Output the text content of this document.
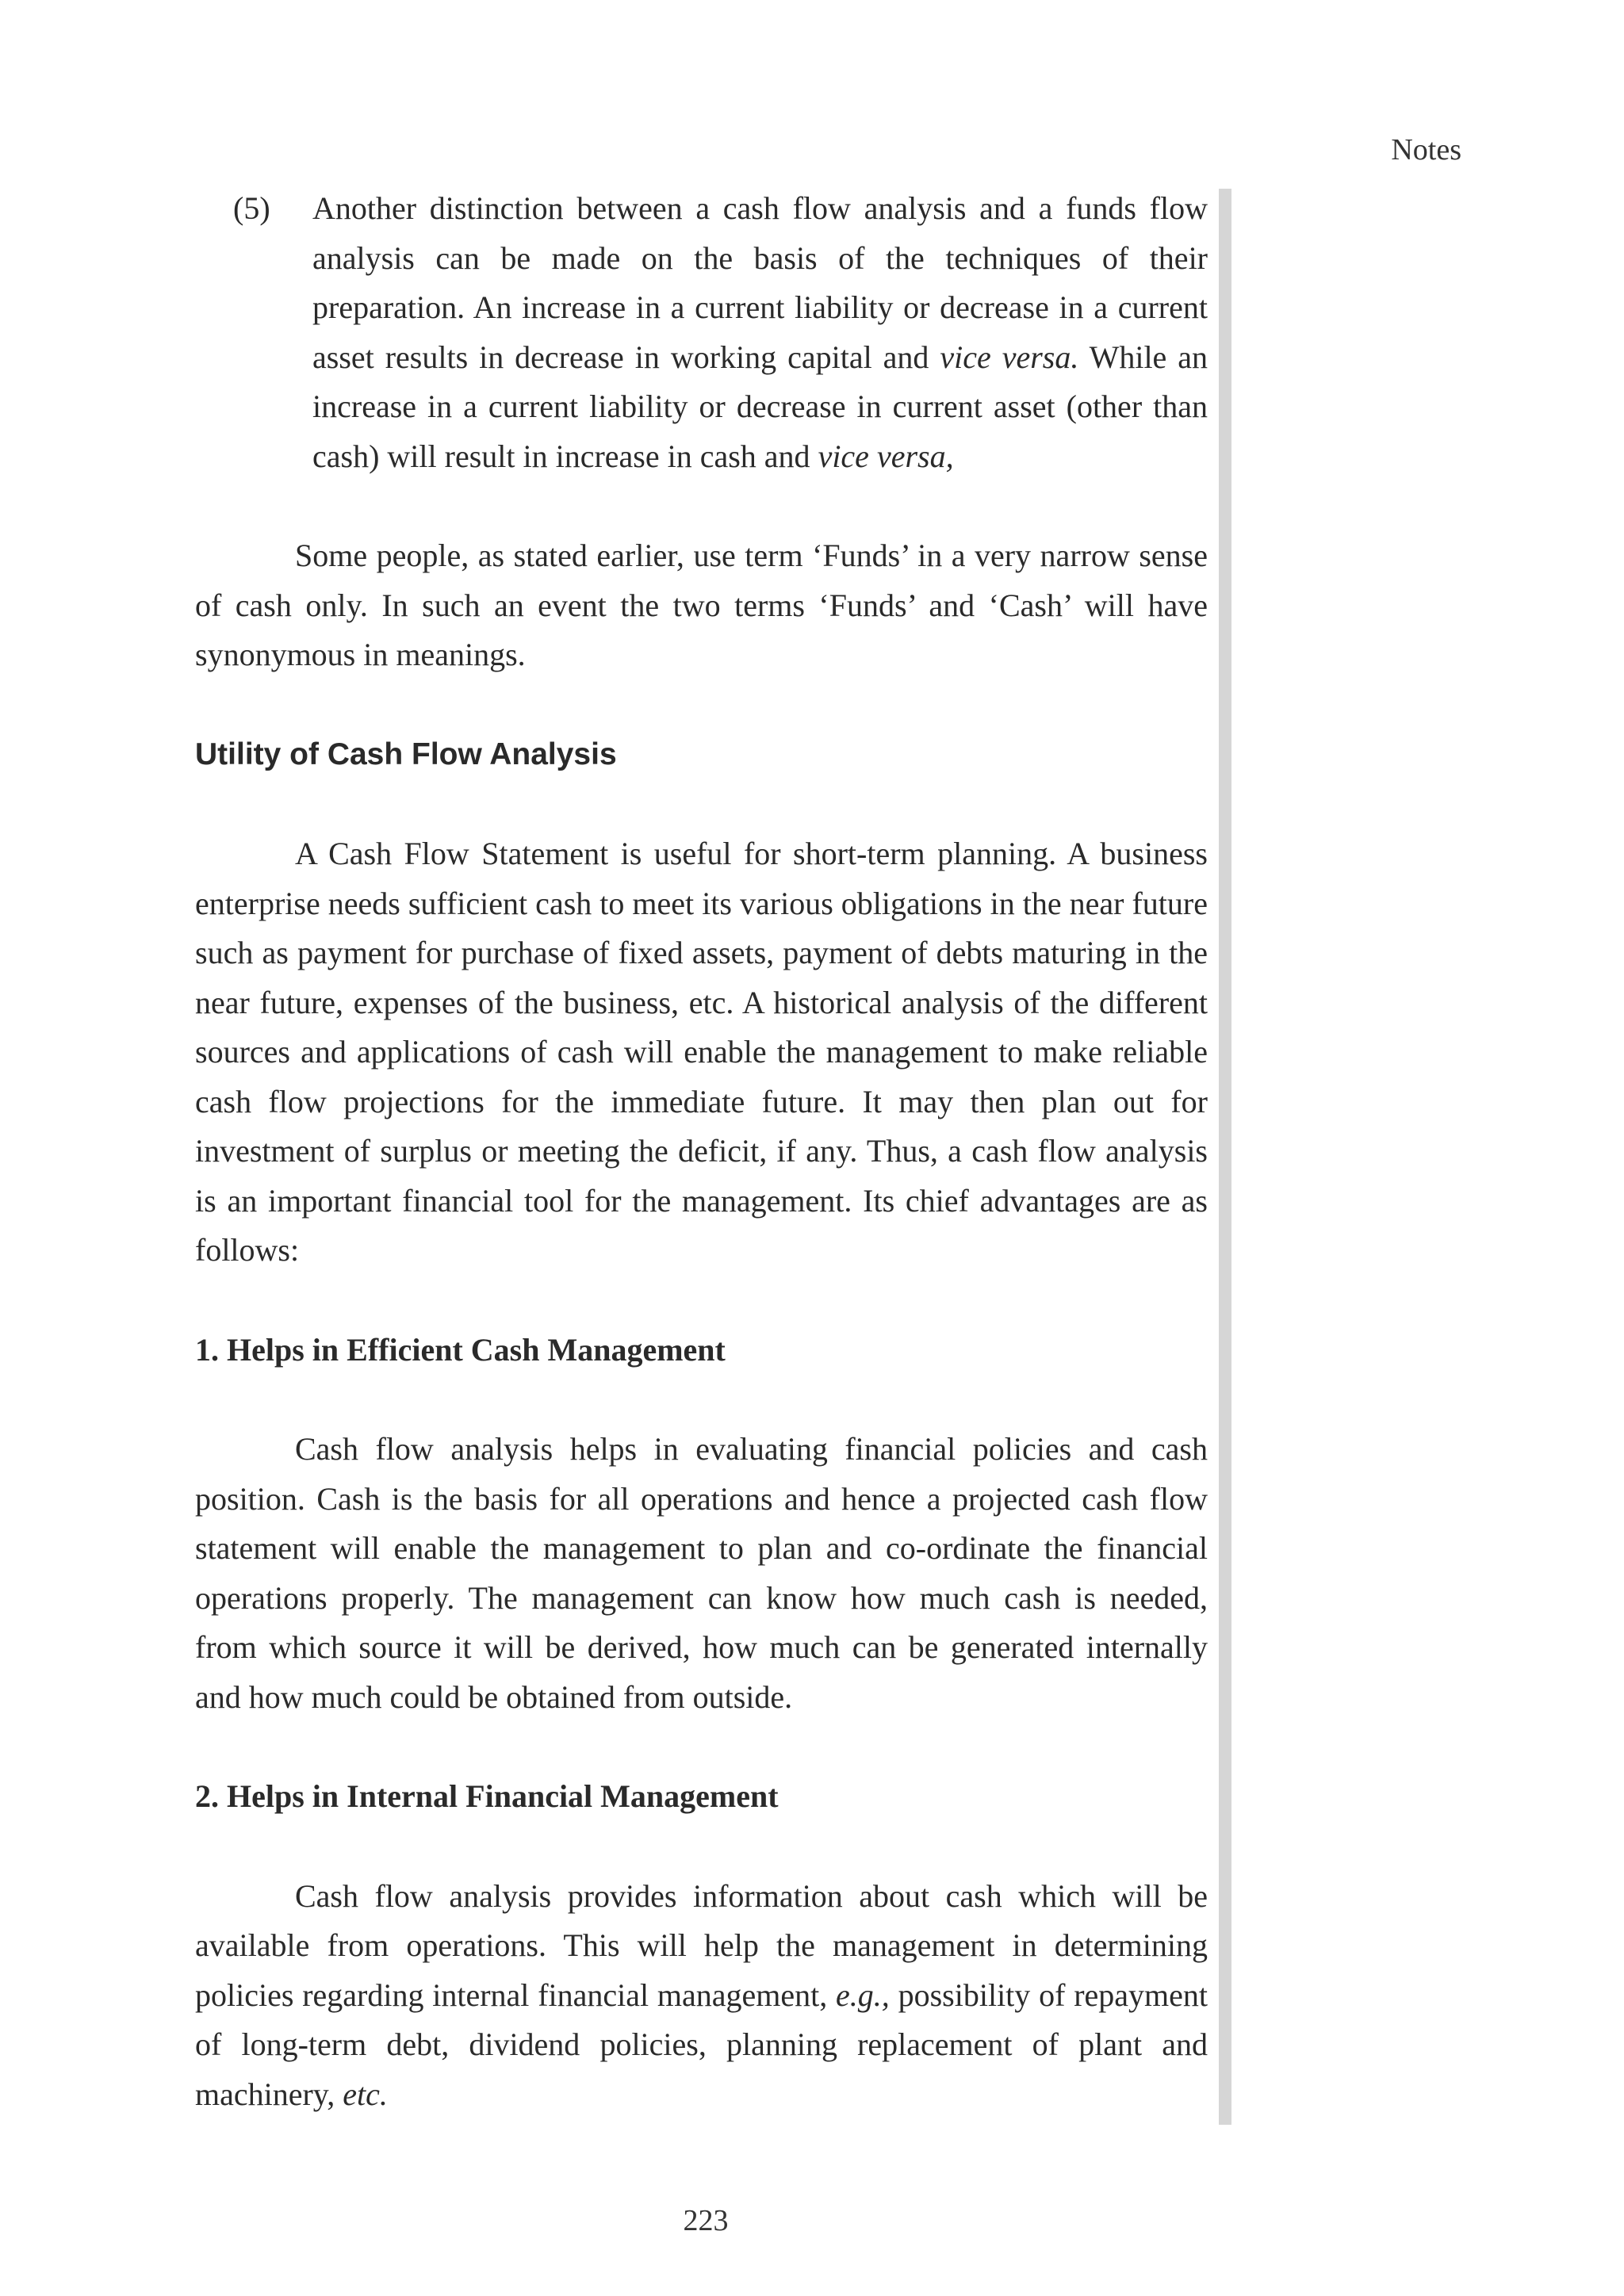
Notes

(5) Another distinction between a cash flow analysis and a funds flow analysis can be made on the basis of the techniques of their preparation. An increase in a current liability or decrease in a current asset results in decrease in working capital and vice versa. While an increase in a current liability or decrease in current asset (other than cash) will result in increase in cash and vice versa,

Some people, as stated earlier, use term ‘Funds’ in a very narrow sense of cash only. In such an event the two terms ‘Funds’ and ‘Cash’ will have synonymous in meanings.

Utility of Cash Flow Analysis

A Cash Flow Statement is useful for short-term planning. A business enterprise needs sufficient cash to meet its various obligations in the near future such as payment for purchase of fixed assets, payment of debts maturing in the near future, expenses of the business, etc. A historical analysis of the different sources and applications of cash will enable the management to make reliable cash flow projections for the immediate future. It may then plan out for investment of surplus or meeting the deficit, if any. Thus, a cash flow analysis is an important financial tool for the management. Its chief advantages are as follows:

1. Helps in Efficient Cash Management

Cash flow analysis helps in evaluating financial policies and cash position. Cash is the basis for all operations and hence a projected cash flow statement will enable the management to plan and co-ordinate the financial operations properly. The management can know how much cash is needed, from which source it will be derived, how much can be generated internally and how much could be obtained from outside.

2. Helps in Internal Financial Management

Cash flow analysis provides information about cash which will be available from operations. This will help the management in determining policies regarding internal financial management, e.g., possibility of repayment of long-term debt, dividend policies, planning replacement of plant and machinery, etc.

223
